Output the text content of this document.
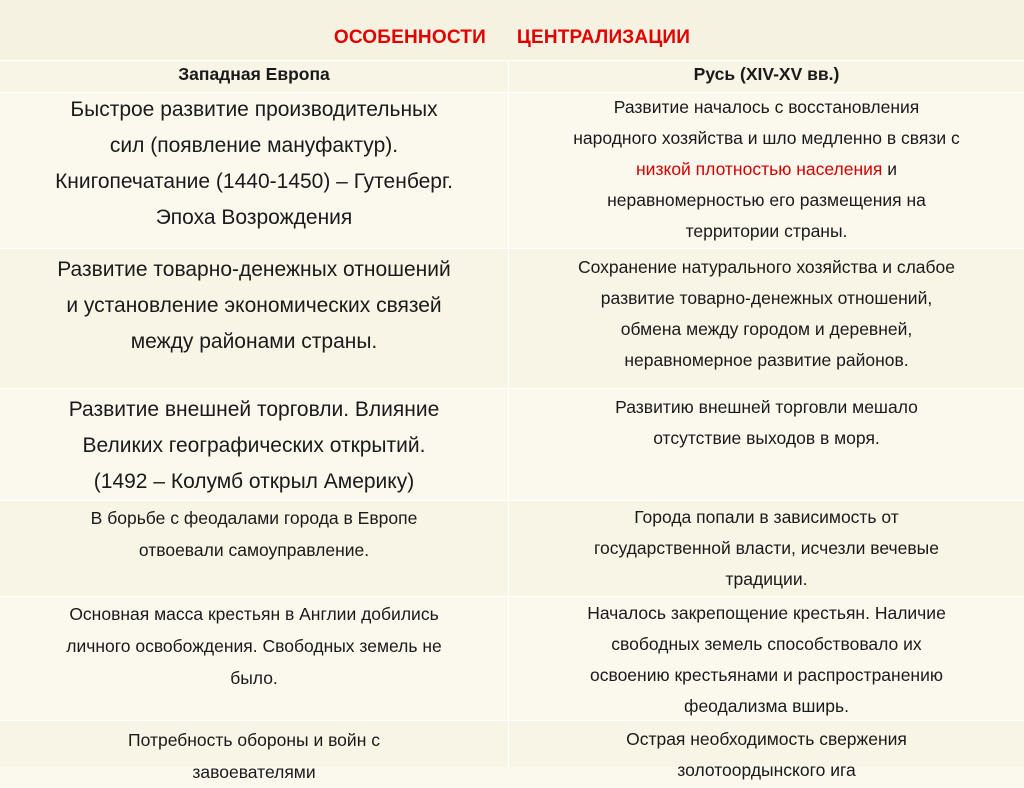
ОСОБЕННОСТИ  ЦЕНТРАЛИЗАЦИИ
Западная Европа	Русь (XIV-XV вв.)
Быстрое развитие производительных
сил (появление мануфактур).
Книгопечатание (1440-1450) – Гутенберг.
Эпоха Возрождения
Развитие началось с восстановления
народного хозяйства и шло медленно в связи с
низкой плотностью населения и
неравномерностью его размещения на
территории страны.
Развитие товарно-денежных отношений
и установление экономических связей
между районами страны.
Сохранение натурального хозяйства и слабое
развитие товарно-денежных отношений,
обмена между городом и деревней,
неравномерное развитие районов.
Развитие внешней торговли. Влияние
Великих географических открытий.
(1492 – Колумб открыл Америку)
Развитию внешней торговли мешало
отсутствие выходов в моря.
В борьбе с феодалами города в Европе
отвоевали самоуправление.
Города попали в зависимость от
государственной власти, исчезли вечевые
традиции.
Основная масса крестьян в Англии добились
личного освобождения. Свободных земель не
было.
Началось закрепощение крестьян. Наличие
свободных земель способствовало их
освоению крестьянами и распространению
феодализма вширь.
Потребность обороны и войн с
завоевателями
Острая необходимость свержения
золотоордынского ига
